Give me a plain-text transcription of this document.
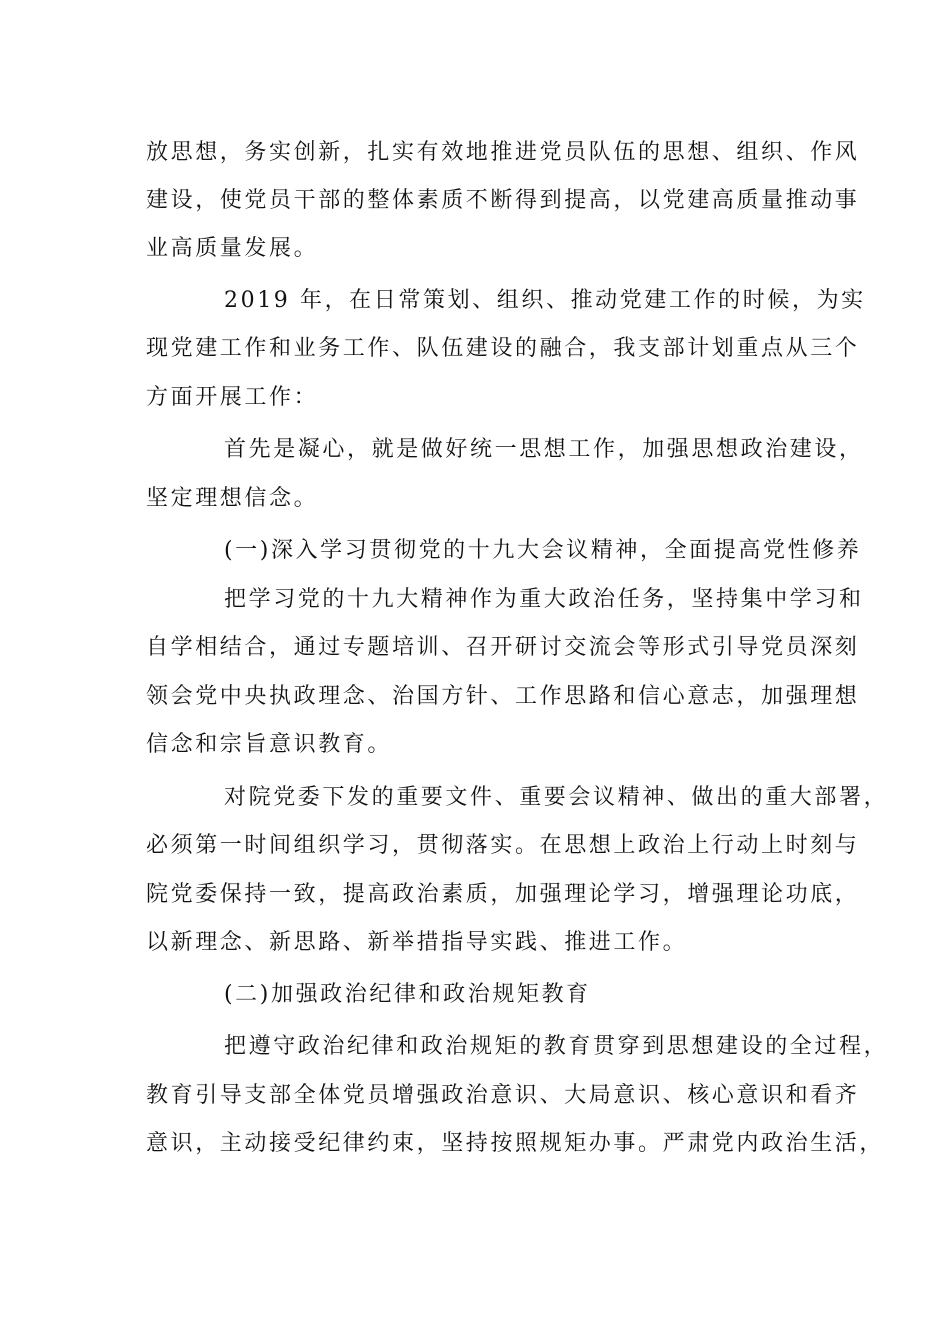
放思想，务实创新，扎实有效地推进党员队伍的思想、组织、作风
建设，使党员干部的整体素质不断得到提高，以党建高质量推动事
业高质量发展。
2019 年，在日常策划、组织、推动党建工作的时候，为实
现党建工作和业务工作、队伍建设的融合，我支部计划重点从三个
方面开展工作：
首先是凝心，就是做好统一思想工作，加强思想政治建设，
坚定理想信念。
(一)深入学习贯彻党的十九大会议精神，全面提高党性修养
把学习党的十九大精神作为重大政治任务，坚持集中学习和
自学相结合，通过专题培训、召开研讨交流会等形式引导党员深刻
领会党中央执政理念、治国方针、工作思路和信心意志，加强理想
信念和宗旨意识教育。
对院党委下发的重要文件、重要会议精神、做出的重大部署，
必须第一时间组织学习，贯彻落实。在思想上政治上行动上时刻与
院党委保持一致，提高政治素质，加强理论学习，增强理论功底，
以新理念、新思路、新举措指导实践、推进工作。
(二)加强政治纪律和政治规矩教育
把遵守政治纪律和政治规矩的教育贯穿到思想建设的全过程，
教育引导支部全体党员增强政治意识、大局意识、核心意识和看齐
意识，主动接受纪律约束，坚持按照规矩办事。严肃党内政治生活，
